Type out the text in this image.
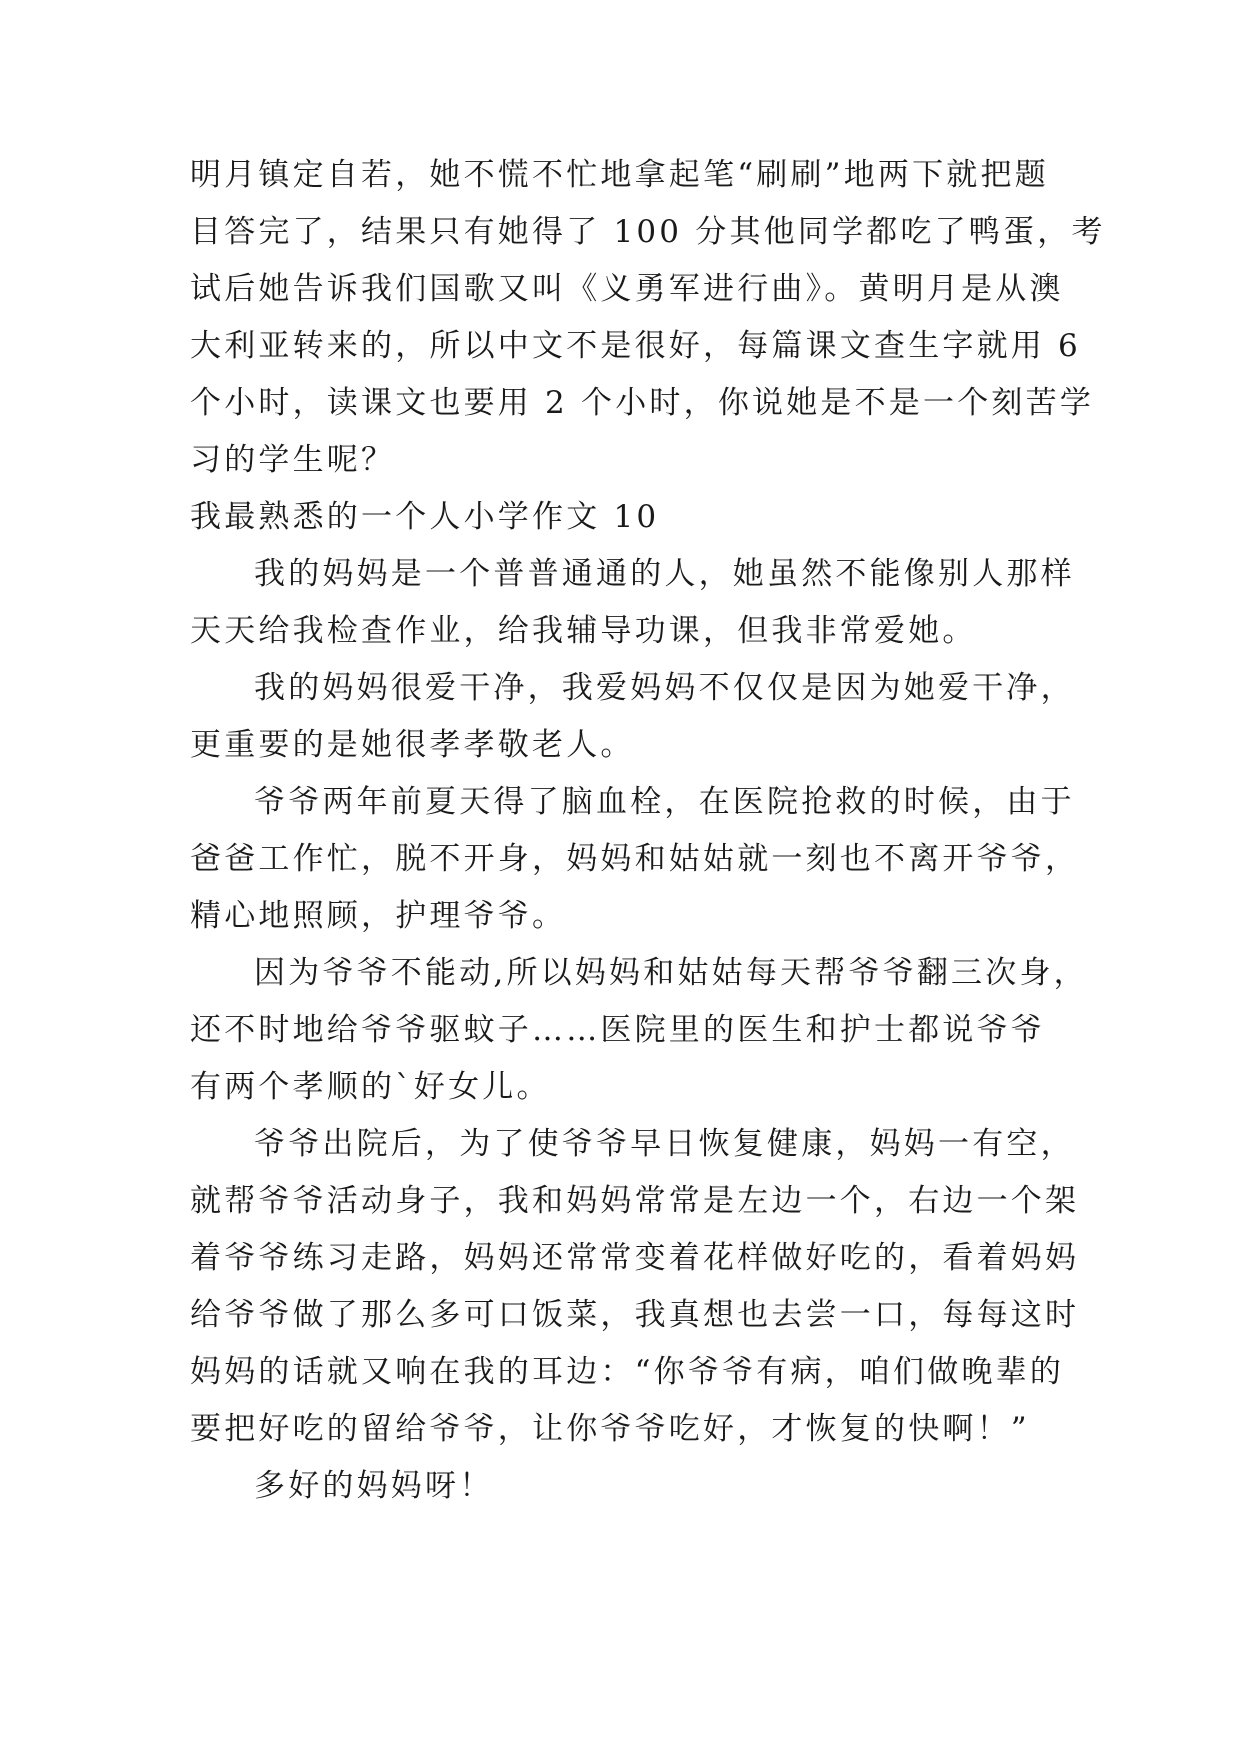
明月镇定自若，她不慌不忙地拿起笔“刷刷”地两下就把题
目答完了，结果只有她得了 100 分其他同学都吃了鸭蛋，考
试后她告诉我们国歌又叫《义勇军进行曲》。黄明月是从澳
大利亚转来的，所以中文不是很好，每篇课文查生字就用 6
个小时，读课文也要用 2 个小时，你说她是不是一个刻苦学
习的学生呢？
我最熟悉的一个人小学作文 10
我的妈妈是一个普普通通的人，她虽然不能像别人那样
天天给我检查作业，给我辅导功课，但我非常爱她。
我的妈妈很爱干净，我爱妈妈不仅仅是因为她爱干净，
更重要的是她很孝孝敬老人。
爷爷两年前夏天得了脑血栓，在医院抢救的时候，由于
爸爸工作忙，脱不开身，妈妈和姑姑就一刻也不离开爷爷，
精心地照顾，护理爷爷。
因为爷爷不能动,所以妈妈和姑姑每天帮爷爷翻三次身，
还不时地给爷爷驱蚊子……医院里的医生和护士都说爷爷
有两个孝顺的`好女儿。
爷爷出院后，为了使爷爷早日恢复健康，妈妈一有空，
就帮爷爷活动身子，我和妈妈常常是左边一个，右边一个架
着爷爷练习走路，妈妈还常常变着花样做好吃的，看着妈妈
给爷爷做了那么多可口饭菜，我真想也去尝一口，每每这时
妈妈的话就又响在我的耳边：“你爷爷有病，咱们做晚辈的
要把好吃的留给爷爷，让你爷爷吃好，才恢复的快啊！”
多好的妈妈呀！
